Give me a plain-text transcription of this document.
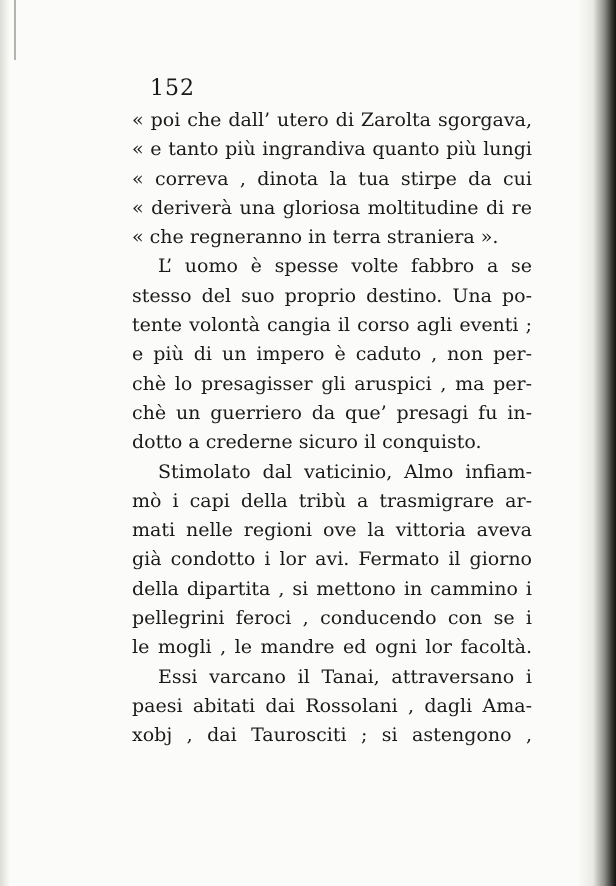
152
« poi che dall’ utero di Zarolta sgorgava,
« e tanto più ingrandiva quanto più lungi
« correva , dinota la tua stirpe da cui
« deriverà una gloriosa moltitudine di re
« che regneranno in terra straniera ».
L’ uomo è spesse volte fabbro a se
stesso del suo proprio destino. Una po-
tente volontà cangia il corso agli eventi ;
e più di un impero è caduto , non per-
chè lo presagisser gli aruspici , ma per-
chè un guerriero da que’ presagi fu in-
dotto a crederne sicuro il conquisto.
Stimolato dal vaticinio, Almo infiam-
mò i capi della tribù a trasmigrare ar-
mati nelle regioni ove la vittoria aveva
già condotto i lor avi. Fermato il giorno
della dipartita , si mettono in cammino i
pellegrini feroci , conducendo con se i
le mogli , le mandre ed ogni lor facoltà.
Essi varcano il Tanai, attraversano i
paesi abitati dai Rossolani , dagli Ama-
xobj , dai Taurosciti ; si astengono ,
